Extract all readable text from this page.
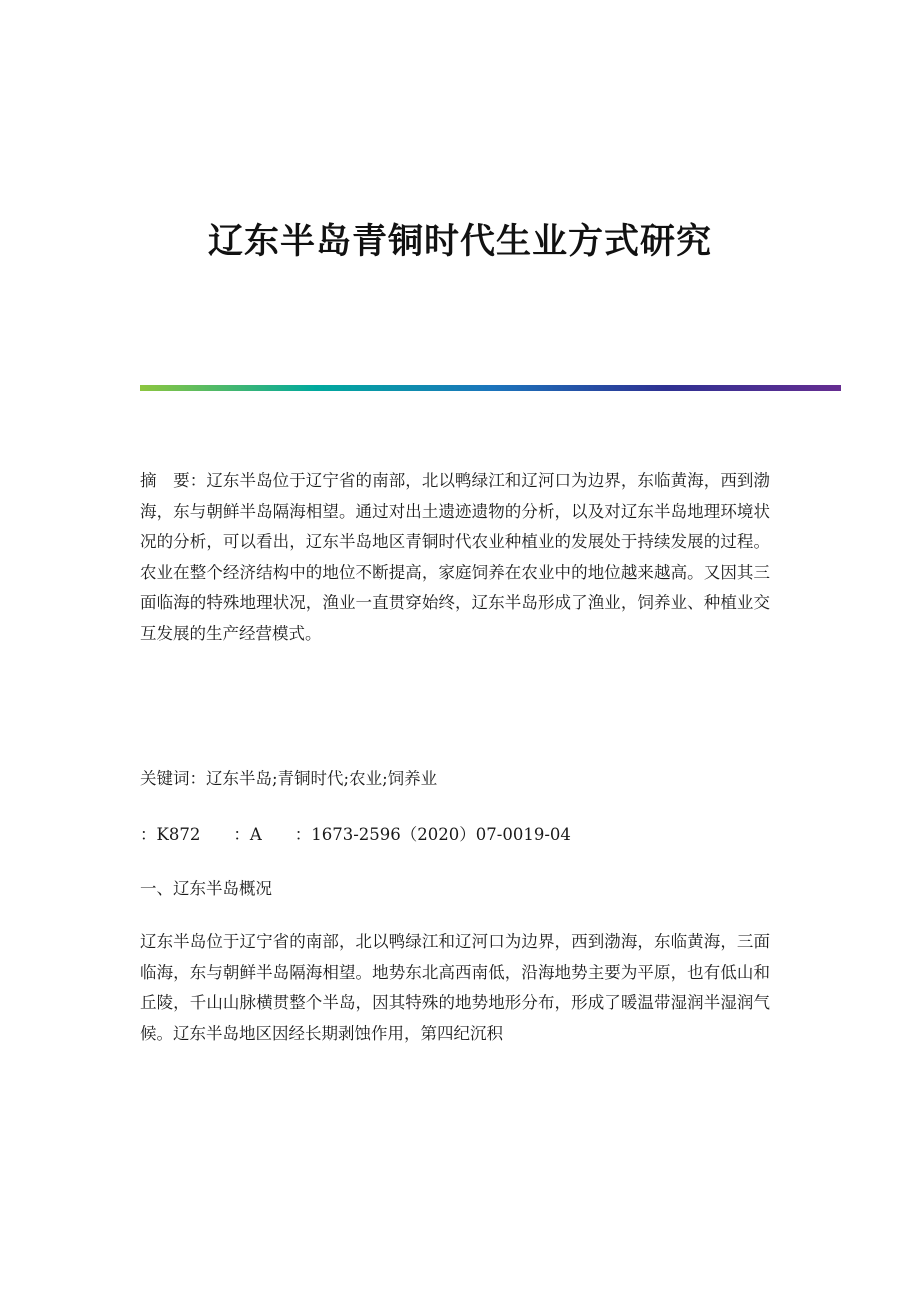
辽东半岛青铜时代生业方式研究

摘　要：辽东半岛位于辽宁省的南部，北以鸭绿江和辽河口为边界，东临黄海，西到渤海，东与朝鲜半岛隔海相望。通过对出土遗迹遗物的分析，以及对辽东半岛地理环境状况的分析，可以看出，辽东半岛地区青铜时代农业种植业的发展处于持续发展的过程。农业在整个经济结构中的地位不断提高，家庭饲养在农业中的地位越来越高。又因其三面临海的特殊地理状况，渔业一直贯穿始终，辽东半岛形成了渔业，饲养业、种植业交互发展的生产经营模式。

关键词：辽东半岛;青铜时代;农业;饲养业

：K872　　：A　　：1673-2596（2020）07-0019-04

一、辽东半岛概况

辽东半岛位于辽宁省的南部，北以鸭绿江和辽河口为边界，西到渤海，东临黄海，三面临海，东与朝鲜半岛隔海相望。地势东北高西南低，沿海地势主要为平原，也有低山和丘陵，千山山脉横贯整个半岛，因其特殊的地势地形分布，形成了暖温带湿润半湿润气候。辽东半岛地区因经长期剥蚀作用，第四纪沉积
